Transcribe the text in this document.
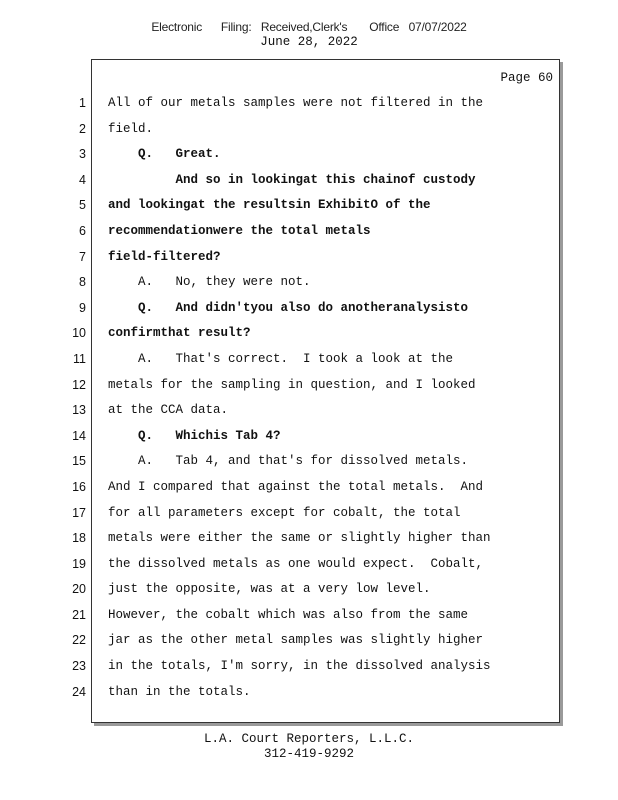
Electronic      Filing:   Received,Clerk's       Office   07/07/2022
June 28, 2022
Page 60
1
2
3
4
5
6
7
8
9
10
11
12
13
14
15
16
17
18
19
20
21
22
23
24
All of our metals samples were not filtered in the
field.
Q.   Great.
And so in lookingat this chainof custody
and lookingat the resultsin ExhibitO of the
recommendationwere the total metals
field-filtered?
A.   No, they were not.
Q.   And didn'tyou also do anotheranalysisto
confirmthat result?
A.   That's correct.  I took a look at the
metals for the sampling in question, and I looked
at the CCA data.
Q.   Whichis Tab 4?
A.   Tab 4, and that's for dissolved metals.
And I compared that against the total metals.  And
for all parameters except for cobalt, the total
metals were either the same or slightly higher than
the dissolved metals as one would expect.  Cobalt,
just the opposite, was at a very low level.
However, the cobalt which was also from the same
jar as the other metal samples was slightly higher
in the totals, I'm sorry, in the dissolved analysis
than in the totals.
L.A. Court Reporters, L.L.C.
312-419-9292
